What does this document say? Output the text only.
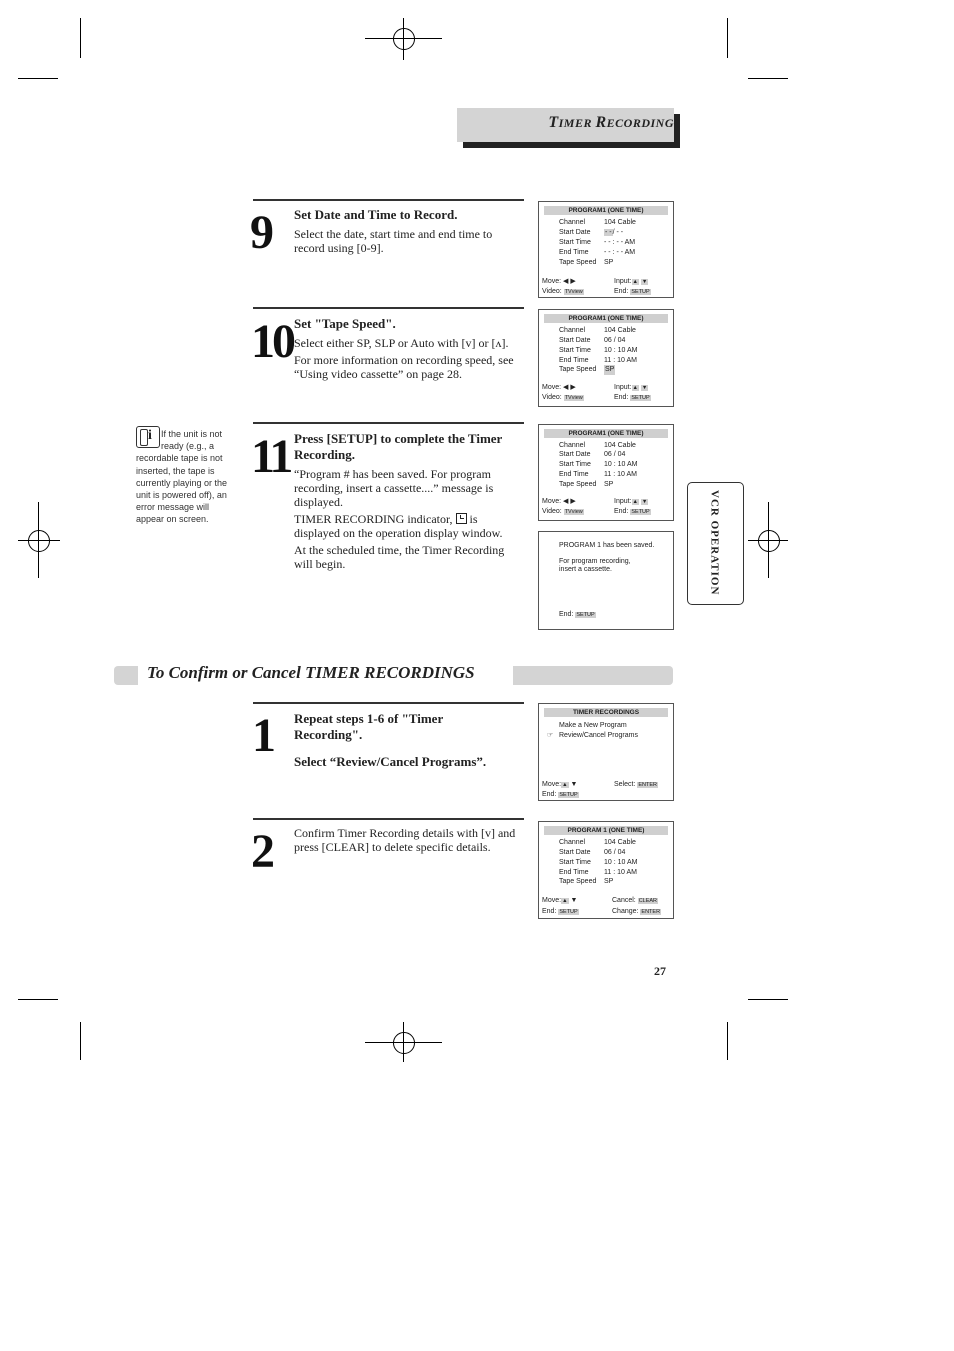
TIMER RECORDING
9 Set Date and Time to Record.

Select the date, start time and end time to record using [0-9].

10 Set "Tape Speed".

Select either SP, SLP or Auto with [v] or [ʌ].

For more information on recording speed, see “Using video cassette” on page 28.

11 Press [SETUP] to complete the Timer Recording.

“Program # has been saved. For program recording, insert a cassette....” message is displayed.

TIMER RECORDING indicator, is displayed on the operation display window.

At the scheduled time, the Timer Recording will begin.

PROGRAM1 (ONE TIME)
Channel	104 Cable
Start Date - -/ - -
Start Time - - : - - AM
End Time - - : - - AM
Tape Speed SP
Move: ◀ ▶	Input:▲ ▼
Video: TVview	End: SETUP
PROGRAM1 (ONE TIME)
Channel	104 Cable
Start Date 06 / 04
Start Time 10 : 10 AM
End Time 11 : 10 AM
Tape Speed SP
Move: ◀ ▶	Input:▲ ▼
Video: TVview	End: SETUP
PROGRAM1 (ONE TIME)
Channel	104 Cable
Start Date 06 / 04
Start Time 10 : 10 AM
End Time 11 : 10 AM
Tape Speed SP
Move: ◀ ▶	Input:▲ ▼
Video: TVview	End: SETUP
PROGRAM 1 has been saved.
For program recording,
insert a cassette.
End: SETUP
i	If the unit is not ready (e.g., a
recordable tape is not inserted, the tape is currently playing or the unit is powered off), an error message will appear on screen.	VCR OPERATION
To Confirm or Cancel TIMER RECORDINGS
1 Repeat steps 1-6 of "Timer Recording".
Select “Review/Cancel Programs”.
2 Confirm Timer Recording details with [v] and press [CLEAR] to delete specific details.

TIMER RECORDINGS
Make a New Program
☞ Review/Cancel Programs
Move:▲ ▼	Select: ENTER
End: SETUP
PROGRAM 1 (ONE TIME)
Channel	104 Cable
Start Date 06 / 04
Start Time 10 : 10 AM
End Time 11 : 10 AM
Tape Speed SP
Move:▲ ▼	Cancel: CLEAR
End: SETUP	Change: ENTER
27
